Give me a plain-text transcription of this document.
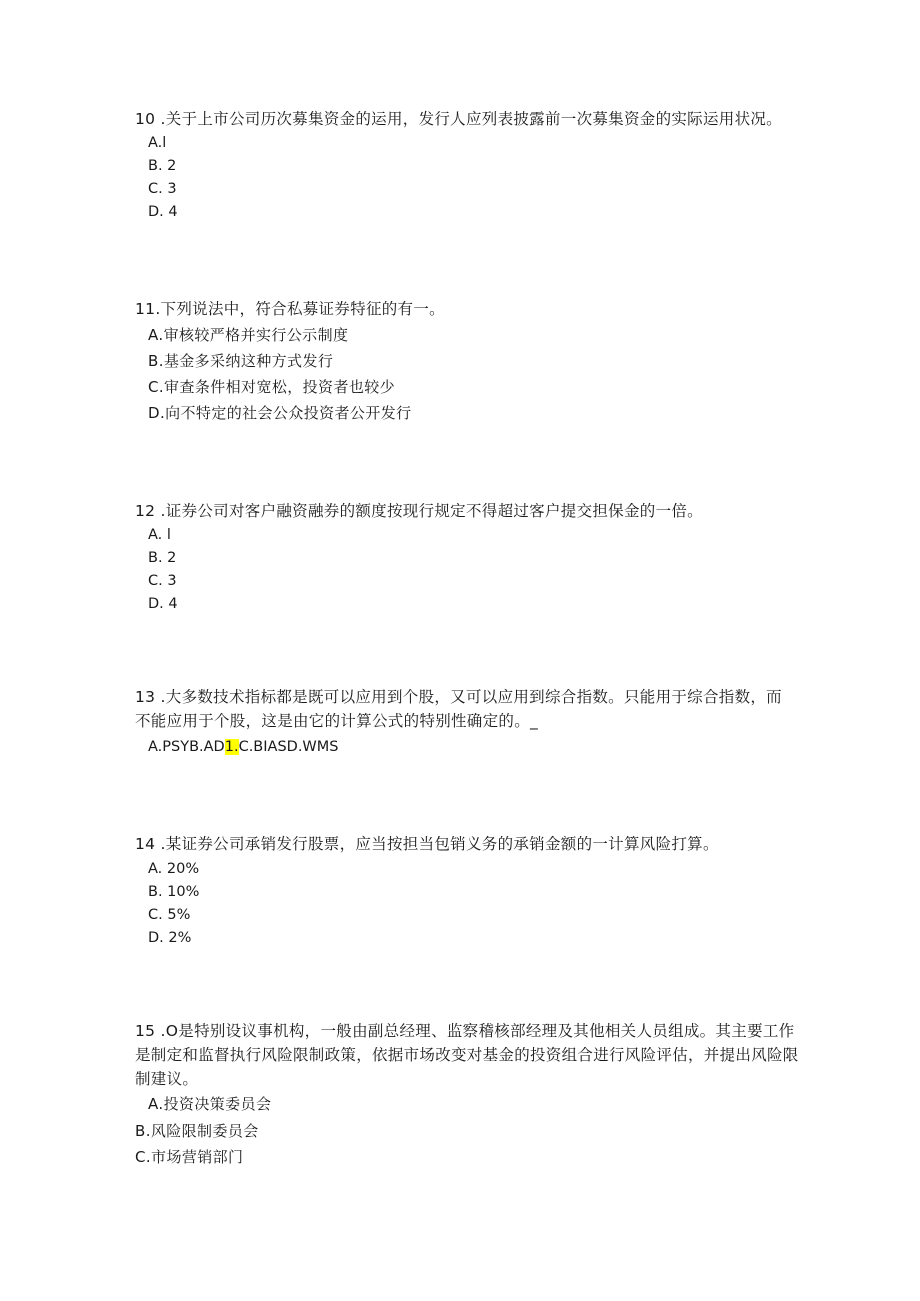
10 .关于上市公司历次募集资金的运用，发行人应列表披露前一次募集资金的实际运用状况。
A.l
B. 2
C. 3
D. 4
11.下列说法中，符合私募证券特征的有一。
A.审核较严格并实行公示制度
B.基金多采纳这种方式发行
C.审查条件相对宽松，投资者也较少
D.向不特定的社会公众投资者公开发行
12 .证券公司对客户融资融券的额度按现行规定不得超过客户提交担保金的一倍。
A. l
B. 2
C. 3
D. 4
13 .大多数技术指标都是既可以应用到个股，又可以应用到综合指数。只能用于综合指数，而
不能应用于个股，这是由它的计算公式的特别性确定的。_
A.PSYB.AD1.C.BIASD.WMS
14 .某证券公司承销发行股票，应当按担当包销义务的承销金额的一计算风险打算。
A. 20%
B. 10%
C. 5%
D. 2%
15 .O是特别设议事机构，一般由副总经理、监察稽核部经理及其他相关人员组成。其主要工作
是制定和监督执行风险限制政策，依据市场改变对基金的投资组合进行风险评估，并提出风险限
制建议。
A.投资决策委员会
B.风险限制委员会
C.市场营销部门
